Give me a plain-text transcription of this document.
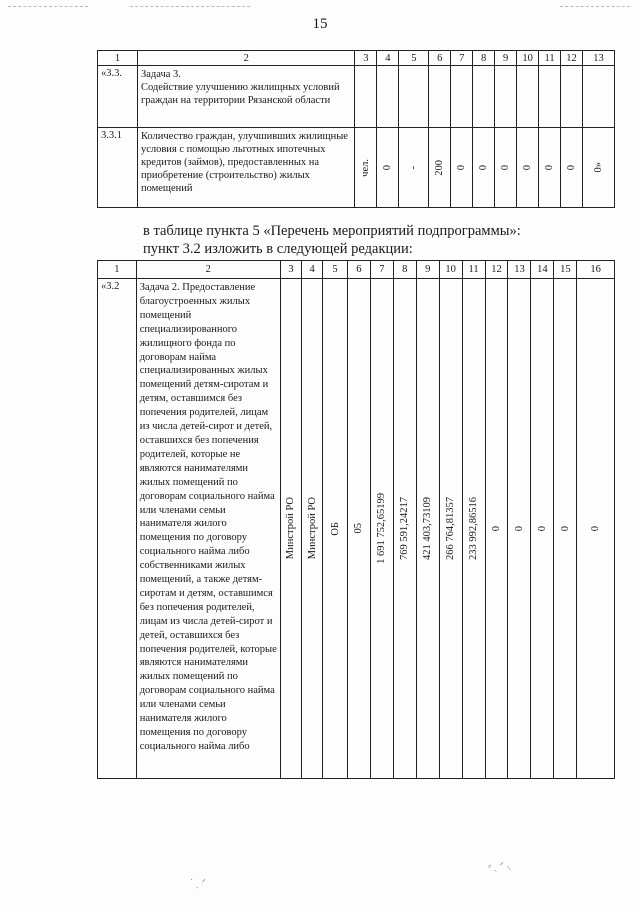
15
1	2	3	4	5	6	7	8	9	10	11	12	13
«3.3.	Задача 3.
Содействие улучшению жилищных условий граждан на территории Рязанской области											
3.3.1	Количество граждан, улучшивших жилищные условия с помощью льготных ипотечных кредитов (займов), предоставленных на приобретение (строительство) жилых помещений	чел.	0	-	200	0	0	0	0	0	0	0»
в таблице пункта 5 «Перечень мероприятий подпрограммы»:
пункт 3.2 изложить в следующей редакции:
1	2	3	4	5	6	7	8	9	10	11	12	13	14	15	16
«3.2	Задача 2. Предоставление благоустроенных жилых помещений специализированного жилищного фонда по договорам найма специализированных жилых помещений детям-сиротам и детям, оставшимся без попечения родителей, лицам из числа детей-сирот и детей, оставшихся без попечения родителей, которые не являются нанимателями жилых помещений по договорам социального найма или членами семьи нанимателя жилого помещения по договору социального найма либо собственниками жилых помещений, а также детям-сиротам и детям, оставшимся без попечения родителей, лицам из числа детей-сирот и детей, оставшихся без попечения родителей, которые являются нанимателями жилых помещений по договорам социального найма или членами семьи нанимателя жилого помещения по договору социального найма либо	Минстрой РО	Минстрой РО	ОБ	05	1 691 752,65199	769 591,24217	421 403,73109	266 764,81357	233 992,86516	0	0	0	0	0
⸗ ˏ ᐟ ⸜
˙ ˏ ᐟ
